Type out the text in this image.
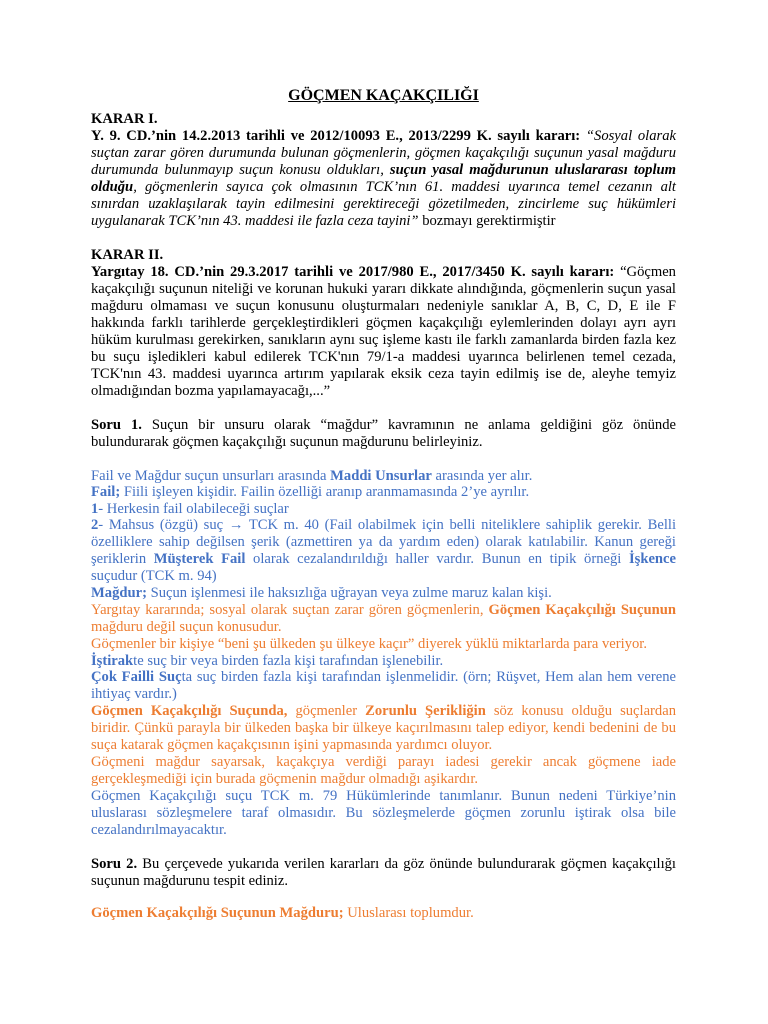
GÖÇMEN KAÇAKÇILIĞI

KARAR I.

Y. 9. CD.’nin 14.2.2013 tarihli ve 2012/10093 E., 2013/2299 K. sayılı kararı: “Sosyal olarak suçtan zarar gören durumunda bulunan göçmenlerin, göçmen kaçakçılığı suçunun yasal mağduru durumunda bulunmayıp suçun konusu oldukları, suçun yasal mağdurunun uluslararası toplum olduğu, göçmenlerin sayıca çok olmasının TCK’nın 61. maddesi uyarınca temel cezanın alt sınırdan uzaklaşılarak tayin edilmesini gerektireceği gözetilmeden, zincirleme suç hükümleri uygulanarak TCK’nın 43. maddesi ile fazla ceza tayini” bozmayı gerektirmiştir

KARAR II.

Yargıtay 18. CD.’nin 29.3.2017 tarihli ve 2017/980 E., 2017/3450 K. sayılı kararı: “Göçmen kaçakçılığı suçunun niteliği ve korunan hukuki yararı dikkate alındığında, göçmenlerin suçun yasal mağduru olmaması ve suçun konusunu oluşturmaları nedeniyle sanıklar A, B, C, D, E ile F hakkında farklı tarihlerde gerçekleştirdikleri göçmen kaçakçılığı eylemlerinden dolayı ayrı ayrı hüküm kurulması gerekirken, sanıkların aynı suç işleme kastı ile farklı zamanlarda birden fazla kez bu suçu işledikleri kabul edilerek TCK'nın 79/1-a maddesi uyarınca belirlenen temel cezada, TCK'nın 43. maddesi uyarınca artırım yapılarak eksik ceza tayin edilmiş ise de, aleyhe temyiz olmadığından bozma yapılamayacağı,...”

Soru 1. Suçun bir unsuru olarak “mağdur” kavramının ne anlama geldiğini göz önünde bulundurarak göçmen kaçakçılığı suçunun mağdurunu belirleyiniz.

Fail ve Mağdur suçun unsurları arasında Maddi Unsurlar arasında yer alır.

Fail; Fiili işleyen kişidir. Failin özelliği aranıp aranmamasında 2’ye ayrılır.

1- Herkesin fail olabileceği suçlar

2- Mahsus (özgü) suç → TCK m. 40 (Fail olabilmek için belli niteliklere sahiplik gerekir. Belli özelliklere sahip değilsen şerik (azmettiren ya da yardım eden) olarak katılabilir. Kanun gereği şeriklerin Müşterek Fail olarak cezalandırıldığı haller vardır. Bunun en tipik örneği İşkence suçudur (TCK m. 94)

Mağdur; Suçun işlenmesi ile haksızlığa uğrayan veya zulme maruz kalan kişi.

Yargıtay kararında; sosyal olarak suçtan zarar gören göçmenlerin, Göçmen Kaçakçılığı Suçunun mağduru değil suçun konusudur.

Göçmenler bir kişiye “beni şu ülkeden şu ülkeye kaçır” diyerek yüklü miktarlarda para veriyor.

İştirakte suç bir veya birden fazla kişi tarafından işlenebilir.

Çok Failli Suçta suç birden fazla kişi tarafından işlenmelidir. (örn; Rüşvet, Hem alan hem verene ihtiyaç vardır.)

Göçmen Kaçakçılığı Suçunda, göçmenler Zorunlu Şerikliğin söz konusu olduğu suçlardan biridir. Çünkü parayla bir ülkeden başka bir ülkeye kaçırılmasını talep ediyor, kendi bedenini de bu suça katarak göçmen kaçakçısının işini yapmasında yardımcı oluyor.

Göçmeni mağdur sayarsak, kaçakçıya verdiği parayı iadesi gerekir ancak göçmene iade gerçekleşmediği için burada göçmenin mağdur olmadığı aşikardır.

Göçmen Kaçakçılığı suçu TCK m. 79 Hükümlerinde tanımlanır. Bunun nedeni Türkiye’nin uluslarası sözleşmelere taraf olmasıdır. Bu sözleşmelerde göçmen zorunlu iştirak olsa bile cezalandırılmayacaktır.

Soru 2. Bu çerçevede yukarıda verilen kararları da göz önünde bulundurarak göçmen kaçakçılığı suçunun mağdurunu tespit ediniz.

Göçmen Kaçakçılığı Suçunun Mağduru; Uluslarası toplumdur.
